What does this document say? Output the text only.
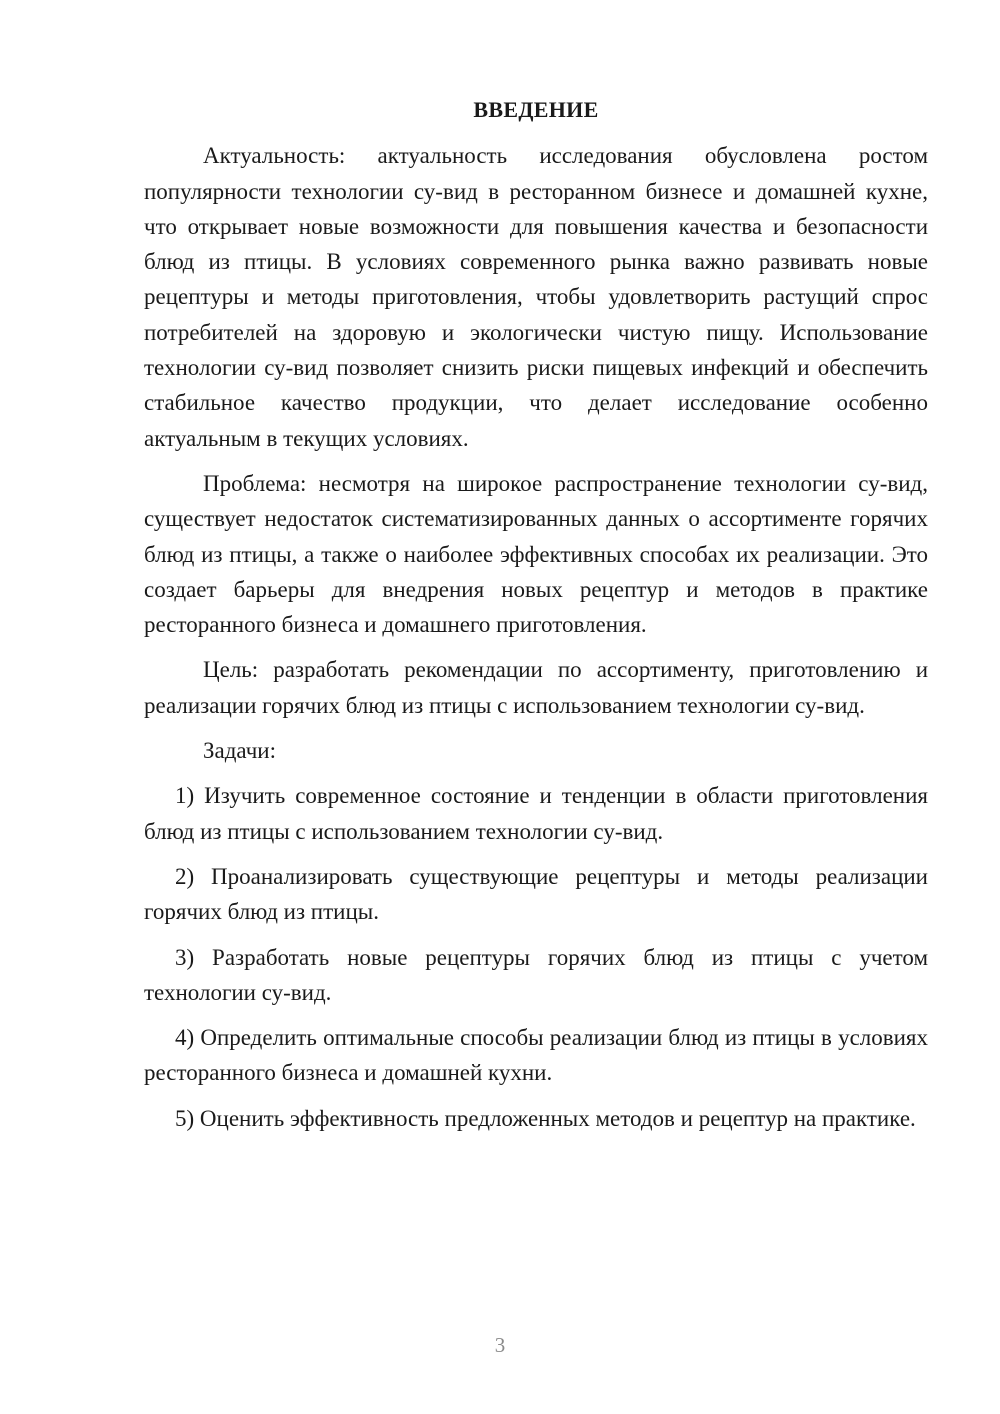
ВВЕДЕНИЕ

Актуальность: актуальность исследования обусловлена ростом популярности технологии су-вид в ресторанном бизнесе и домашней кухне, что открывает новые возможности для повышения качества и безопасности блюд из птицы. В условиях современного рынка важно развивать новые рецептуры и методы приготовления, чтобы удовлетворить растущий спрос потребителей на здоровую и экологически чистую пищу. Использование технологии су-вид позволяет снизить риски пищевых инфекций и обеспечить стабильное качество продукции, что делает исследование особенно актуальным в текущих условиях.

Проблема: несмотря на широкое распространение технологии су-вид, существует недостаток систематизированных данных о ассортименте горячих блюд из птицы, а также о наиболее эффективных способах их реализации. Это создает барьеры для внедрения новых рецептур и методов в практике ресторанного бизнеса и домашнего приготовления.

Цель: разработать рекомендации по ассортименту, приготовлению и реализации горячих блюд из птицы с использованием технологии су-вид.

Задачи:

1) Изучить современное состояние и тенденции в области приготовления блюд из птицы с использованием технологии су-вид.

2) Проанализировать существующие рецептуры и методы реализации горячих блюд из птицы.

3) Разработать новые рецептуры горячих блюд из птицы с учетом технологии су-вид.

4) Определить оптимальные способы реализации блюд из птицы в условиях ресторанного бизнеса и домашней кухни.

5) Оценить эффективность предложенных методов и рецептур на практике.

3
